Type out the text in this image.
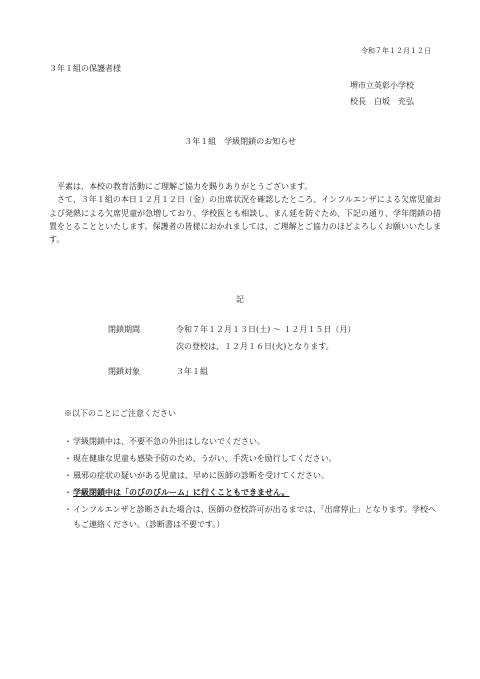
令和７年１２月１２日

３年１組の保護者様

堺市立英彰小学校

校長　白坂　充弘

３年１組　学級閉鎖のお知らせ

平素は、本校の教育活動にご理解ご協力を賜りありがとうございます。

さて、３年１組の本日１２月１２日（金）の出席状況を確認したところ、インフルエンザによる欠席児童および発熱による欠席児童が急増しており、学校医とも相談し、まん延を防ぐため、下記の通り、学年閉鎖の措置をとることといたします。保護者の皆様におかれましては、ご理解とご協力のほどよろしくお願いいたします。

記

閉鎖期間	令和７年１２月１３日(土) ～ １２月１５日（月）

次の登校は、１２月１６日(火)となります。

閉鎖対象	３年１組

※以下のことにご注意ください

・ 学級閉鎖中は、不要不急の外出はしないでください。
・ 現在健康な児童も感染予防のため、うがい、手洗いを励行してください。
・ 風邪の症状の疑いがある児童は、早めに医師の診断を受けてください。
・ 学級閉鎖中は「のびのびルーム」に行くこともできません。
・ インフルエンザと診断された場合は、医師の登校許可が出るまでは、「出席停止」となります。学校へもご連絡ください。（診断書は不要です。）
